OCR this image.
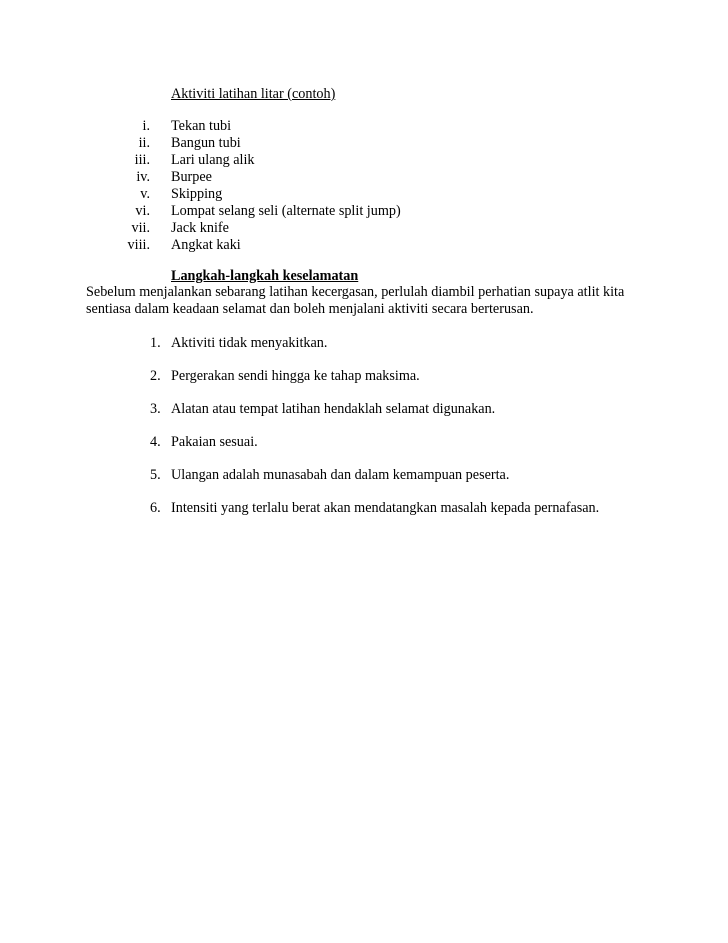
Aktiviti latihan litar (contoh)
i. Tekan tubi
ii. Bangun tubi
iii. Lari ulang alik
iv. Burpee
v. Skipping
vi. Lompat selang seli (alternate split jump)
vii. Jack knife
viii. Angkat kaki
Langkah-langkah keselamatan
Sebelum menjalankan sebarang latihan kecergasan, perlulah diambil perhatian supaya atlit kita
sentiasa dalam keadaan selamat dan boleh menjalani aktiviti secara berterusan.
1. Aktiviti tidak menyakitkan.
2. Pergerakan sendi hingga ke tahap maksima.
3. Alatan atau tempat latihan hendaklah selamat digunakan.
4. Pakaian sesuai.
5. Ulangan adalah munasabah dan dalam kemampuan peserta.
6. Intensiti yang terlalu berat akan mendatangkan masalah kepada pernafasan.
